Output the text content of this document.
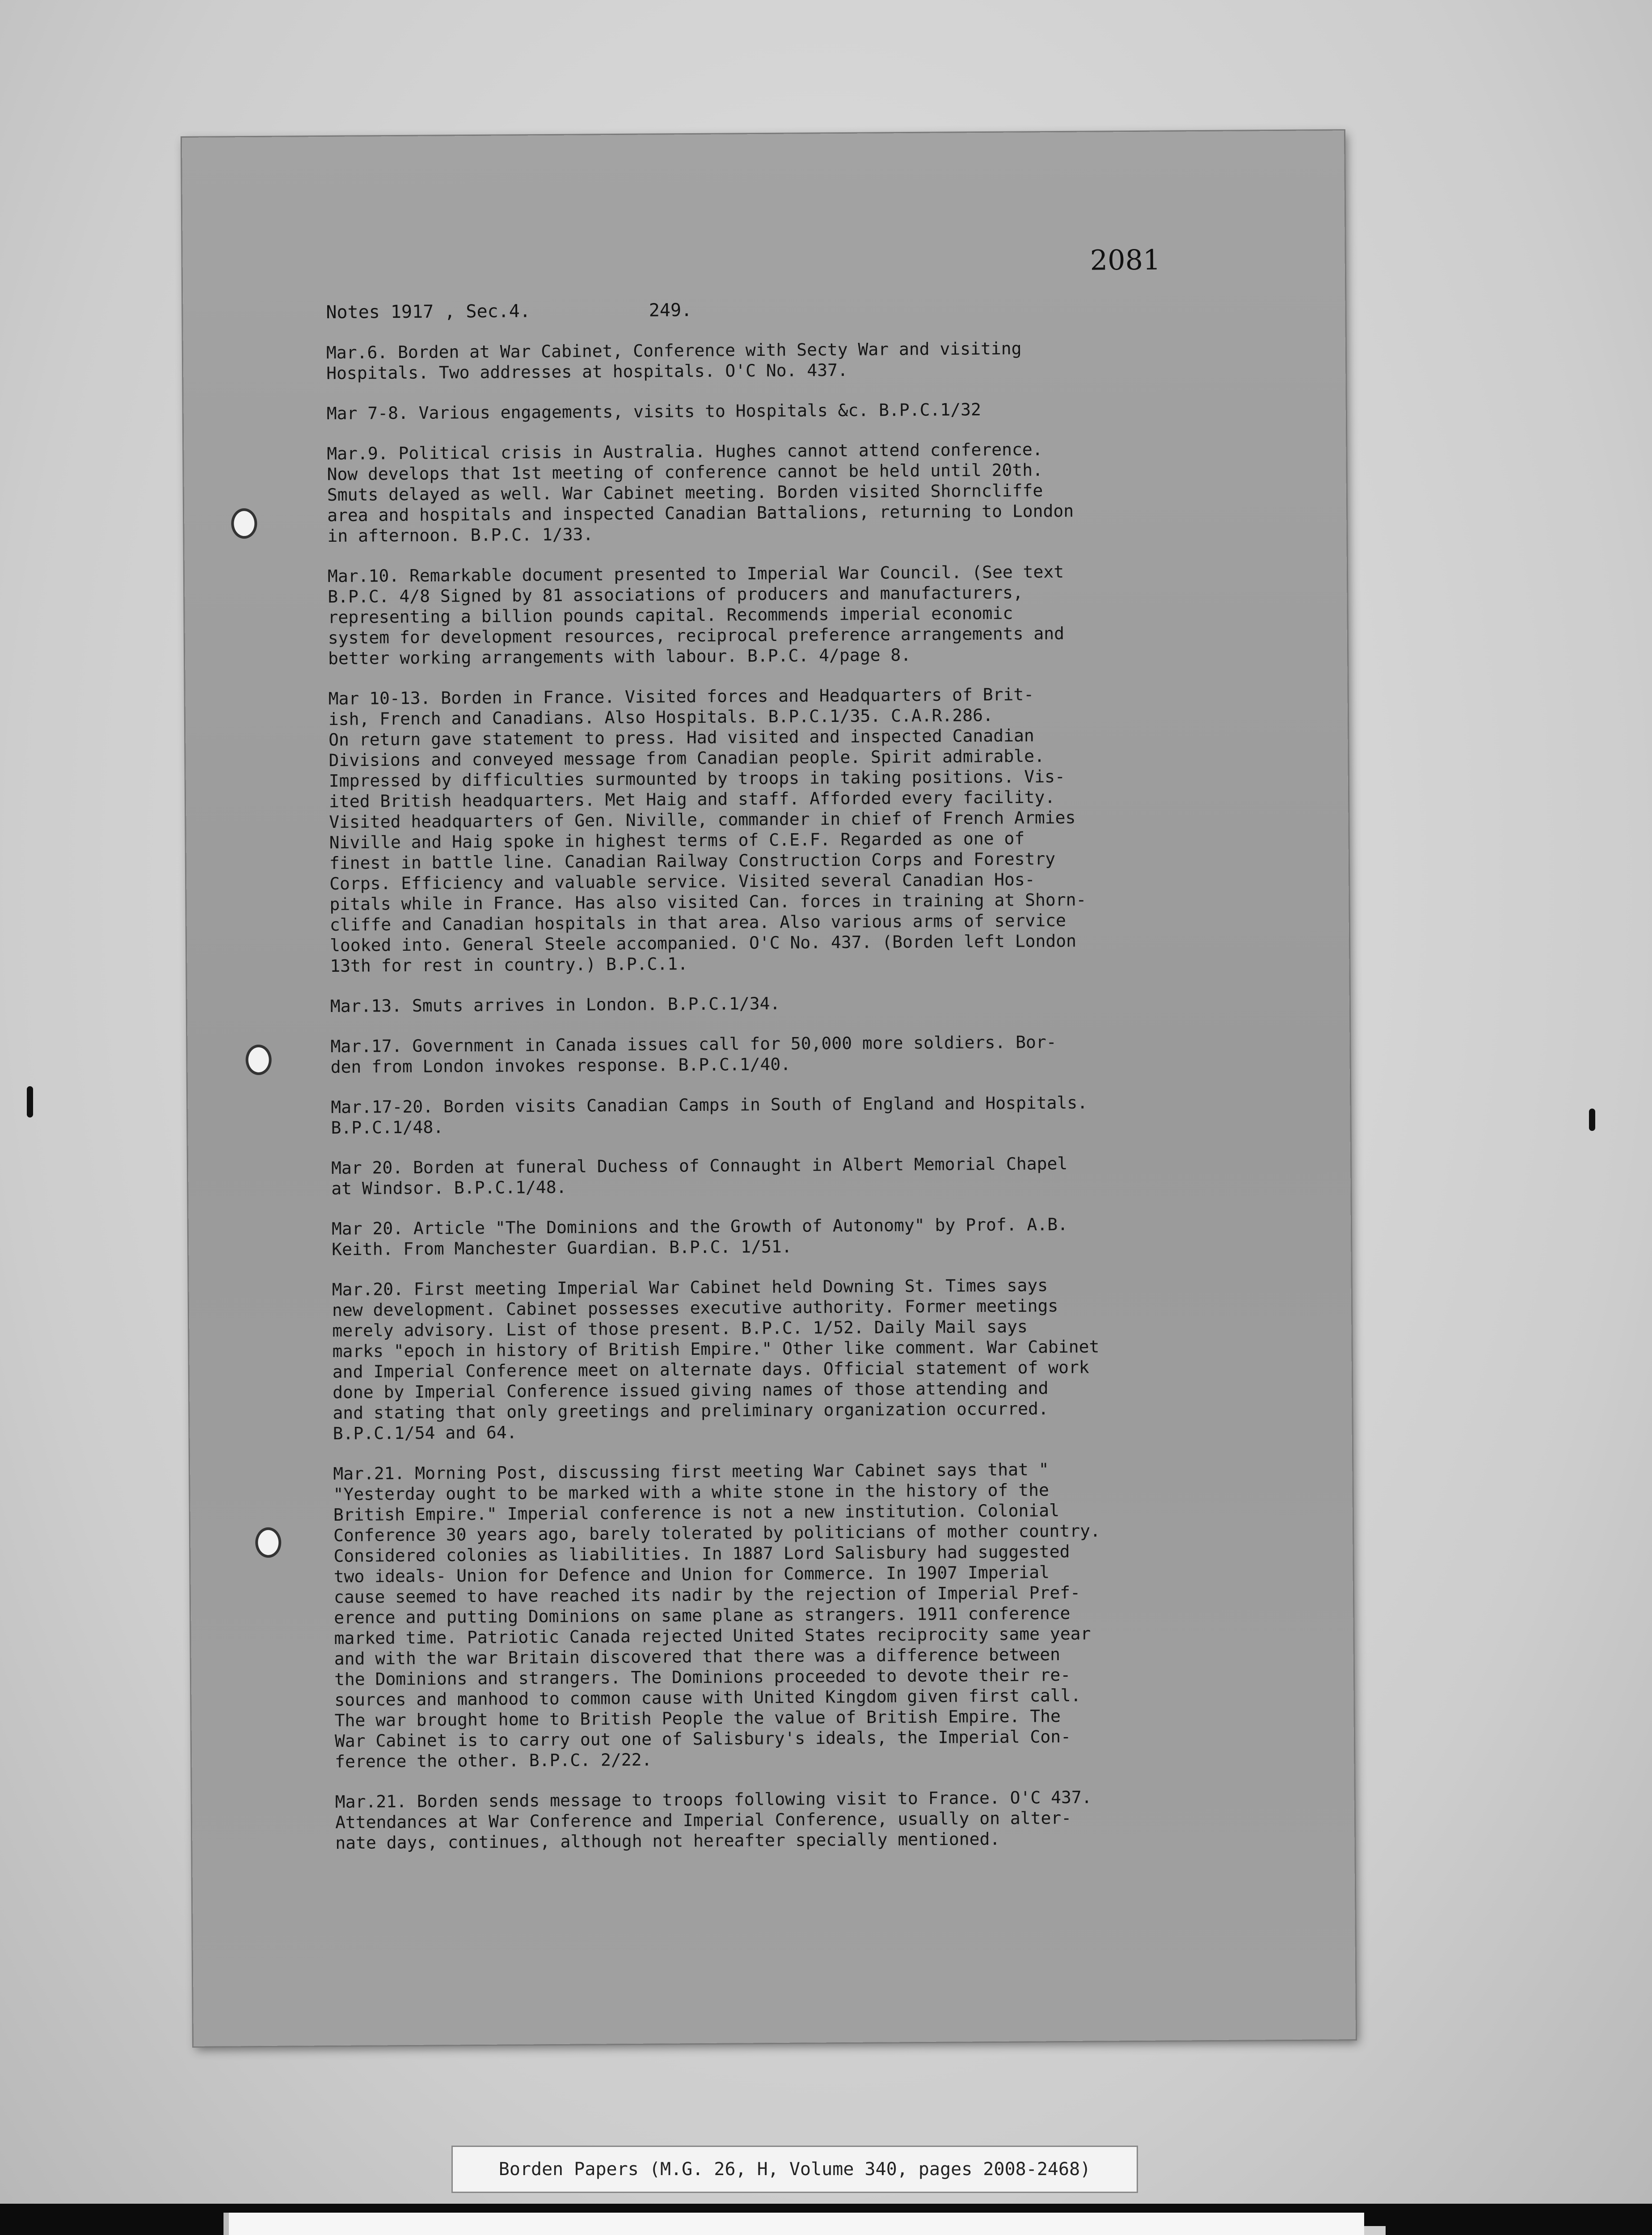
2081
Notes 1917 , Sec.4.           249.

Mar.6. Borden at War Cabinet, Conference with Secty War and visiting
Hospitals. Two addresses at hospitals. O'C No. 437.

Mar 7-8. Various engagements, visits to Hospitals &c. B.P.C.1/32

Mar.9. Political crisis in Australia. Hughes cannot attend conference.
Now develops that 1st meeting of conference cannot be held until 20th.
Smuts delayed as well. War Cabinet meeting. Borden visited Shorncliffe
area and hospitals and inspected Canadian Battalions, returning to London
in afternoon. B.P.C. 1/33.

Mar.10. Remarkable document presented to Imperial War Council. (See text
B.P.C. 4/8 Signed by 81 associations of producers and manufacturers,
representing a billion pounds capital. Recommends imperial economic
system for development resources, reciprocal preference arrangements and
better working arrangements with labour. B.P.C. 4/page 8.

Mar 10-13. Borden in France. Visited forces and Headquarters of Brit-
ish, French and Canadians. Also Hospitals. B.P.C.1/35. C.A.R.286.
On return gave statement to press. Had visited and inspected Canadian
Divisions and conveyed message from Canadian people. Spirit admirable.
Impressed by difficulties surmounted by troops in taking positions. Vis-
ited British headquarters. Met Haig and staff. Afforded every facility.
Visited headquarters of Gen. Niville, commander in chief of French Armies
Niville and Haig spoke in highest terms of C.E.F. Regarded as one of
finest in battle line. Canadian Railway Construction Corps and Forestry
Corps. Efficiency and valuable service. Visited several Canadian Hos-
pitals while in France. Has also visited Can. forces in training at Shorn-
cliffe and Canadian hospitals in that area. Also various arms of service
looked into. General Steele accompanied. O'C No. 437. (Borden left London
13th for rest in country.) B.P.C.1.

Mar.13. Smuts arrives in London. B.P.C.1/34.

Mar.17. Government in Canada issues call for 50,000 more soldiers. Bor-
den from London invokes response. B.P.C.1/40.

Mar.17-20. Borden visits Canadian Camps in South of England and Hospitals.
B.P.C.1/48.

Mar 20. Borden at funeral Duchess of Connaught in Albert Memorial Chapel
at Windsor. B.P.C.1/48.

Mar 20. Article "The Dominions and the Growth of Autonomy" by Prof. A.B.
Keith. From Manchester Guardian. B.P.C. 1/51.

Mar.20. First meeting Imperial War Cabinet held Downing St. Times says
new development. Cabinet possesses executive authority. Former meetings
merely advisory. List of those present. B.P.C. 1/52. Daily Mail says
marks "epoch in history of British Empire." Other like comment. War Cabinet
and Imperial Conference meet on alternate days. Official statement of work
done by Imperial Conference issued giving names of those attending and
and stating that only greetings and preliminary organization occurred.
B.P.C.1/54 and 64.

Mar.21. Morning Post, discussing first meeting War Cabinet says that "
"Yesterday ought to be marked with a white stone in the history of the
British Empire." Imperial conference is not a new institution. Colonial
Conference 30 years ago, barely tolerated by politicians of mother country.
Considered colonies as liabilities. In 1887 Lord Salisbury had suggested
two ideals- Union for Defence and Union for Commerce. In 1907 Imperial
cause seemed to have reached its nadir by the rejection of Imperial Pref-
erence and putting Dominions on same plane as strangers. 1911 conference
marked time. Patriotic Canada rejected United States reciprocity same year
and with the war Britain discovered that there was a difference between
the Dominions and strangers. The Dominions proceeded to devote their re-
sources and manhood to common cause with United Kingdom given first call.
The war brought home to British People the value of British Empire. The
War Cabinet is to carry out one of Salisbury's ideals, the Imperial Con-
ference the other. B.P.C. 2/22.

Mar.21. Borden sends message to troops following visit to France. O'C 437.
Attendances at War Conference and Imperial Conference, usually on alter-
nate days, continues, although not hereafter specially mentioned.

Borden Papers (M.G. 26, H, Volume 340, pages 2008-2468)
